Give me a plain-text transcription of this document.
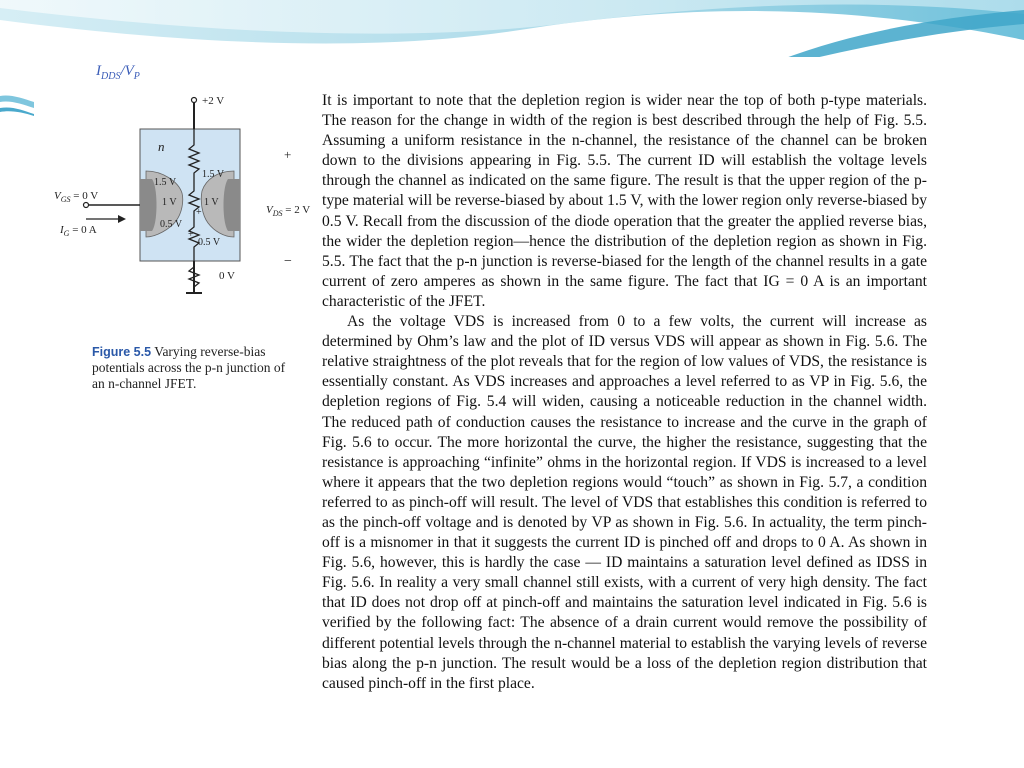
$I_{DDS}/V_P$
+2 V
0 V
n
1.5 V
1.5 V
1 V	1 V
0.5 V
0.5 V
+
+
$V_{GS} = 0$ V
$I_G = 0$ A
+
$V_{DS} = 2$ V
−
Figure 5.5 Varying reverse-bias potentials across the p-n junction of an n-channel JFET.

It is important to note that the depletion region is wider near the top of both p-type materials. The reason for the change in width of the region is best described through the help of Fig. 5.5. Assuming a uniform resistance in the n-channel, the resistance of the channel can be broken down to the divisions appearing in Fig. 5.5. The current ID will establish the voltage levels through the channel as indicated on the same figure. The result is that the upper region of the p-type material will be reverse-biased by about 1.5 V, with the lower region only reverse-biased by 0.5 V. Recall from the discussion of the diode operation that the greater the applied reverse bias, the wider the depletion region—hence the distribution of the depletion region as shown in Fig. 5.5. The fact that the p-n junction is reverse-biased for the length of the channel results in a gate current of zero amperes as shown in the same figure. The fact that IG = 0 A is an important characteristic of the JFET.

As the voltage VDS is increased from 0 to a few volts, the current will increase as determined by Ohm’s law and the plot of ID versus VDS will appear as shown in Fig. 5.6. The relative straightness of the plot reveals that for the region of low values of VDS, the resistance is essentially constant. As VDS increases and approaches a level referred to as VP in Fig. 5.6, the depletion regions of Fig. 5.4 will widen, causing a noticeable reduction in the channel width. The reduced path of conduction causes the resistance to increase and the curve in the graph of Fig. 5.6 to occur. The more horizontal the curve, the higher the resistance, suggesting that the resistance is approaching “infinite” ohms in the horizontal region. If VDS is increased to a level where it appears that the two depletion regions would “touch” as shown in Fig. 5.7, a condition referred to as pinch-off will result. The level of VDS that establishes this condition is referred to as the pinch-off voltage and is denoted by VP as shown in Fig. 5.6. In actuality, the term pinch-off is a misnomer in that it suggests the current ID is pinched off and drops to 0 A. As shown in Fig. 5.6, however, this is hardly the case — ID maintains a saturation level defined as IDSS in Fig. 5.6. In reality a very small channel still exists, with a current of very high density. The fact that ID does not drop off at pinch-off and maintains the saturation level indicated in Fig. 5.6 is verified by the following fact: The absence of a drain current would remove the possibility of different potential levels through the n-channel material to establish the varying levels of reverse bias along the p-n junction. The result would be a loss of the depletion region distribution that caused pinch-off in the first place.
